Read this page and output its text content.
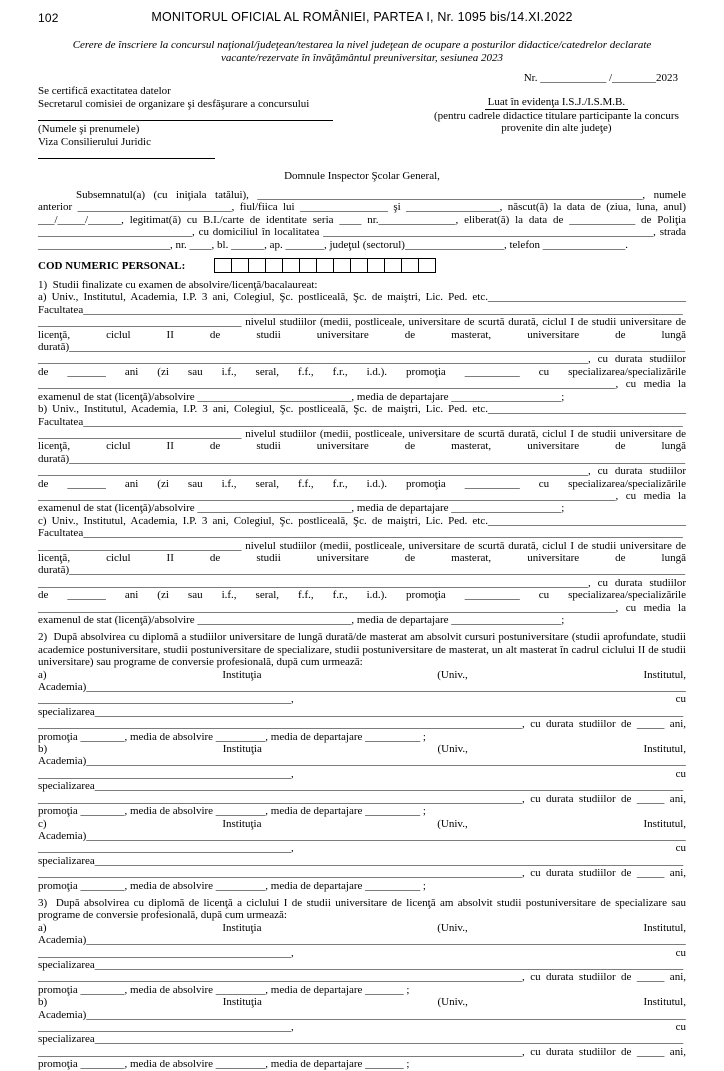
102	MONITORUL OFICIAL AL ROMÂNIEI, PARTEA I, Nr. 1095 bis/14.XI.2022
Cerere de înscriere la concursul naţional/judeţean/testarea la nivel judeţean de ocupare a posturilor didactice/catedrelor declarate vacante/rezervate în învăţământul preuniversitar, sesiunea 2023
Nr. ____________ /________2023
Se certifică exactitatea datelor
Secretarul comisiei de organizare şi desfăşurare a concursului
(Numele şi prenumele)
Viza Consilierului Juridic
Luat în evidenţa I.S.J./I.S.M.B.
(pentru cadrele didactice titulare participante la concurs
provenite din alte judeţe)
Domnule Inspector Şcolar General,

Subsemnatul(a) (cu iniţiala tatălui), ______________________________________________________________________, numele anterior ____________________________, fiul/fiica lui ________________ şi _________________, născut(ă) la data de (ziua, luna, anul) ___/_____/______, legitimat(ă) cu B.I./carte de identitate seria ____ nr.______________, eliberat(ă) la data de ____________ de Poliţia ____________________________, cu domiciliul în localitatea ____________________________________________________________, strada ________________________, nr. ____, bl. ______, ap. _______, judeţul (sectorul)__________________, telefon _______________.

COD NUMERIC PERSONAL:
1)  Studii finalizate cu examen de absolvire/licenţă/bacalaureat:

a) Univ., Institutul, Academia, I.P. 3 ani, Colegiul, Şc. postliceală, Şc. de maiştri, Lic. Ped. etc.____________________________________ Facultatea__________________________________________________________________________________________________________________________________________________ nivelul studiilor (medii, postliceale, universitare de scurtă durată, ciclul I de studii universitare de licenţă, ciclul II de studii universitare de masterat, universitare de lungă durată)____________________________________________________________________________________________________________________________________________________________________________________________________________________, cu durata studiilor de _______ ani (zi sau i.f., seral, f.f., f.r., i.d.). promoţia __________ cu specializarea/specializările _________________________________________________________________________________________________________, cu media la examenul de stat (licenţă)/absolvire ____________________________, media de departajare ____________________;

b) Univ., Institutul, Academia, I.P. 3 ani, Colegiul, Şc. postliceală, Şc. de maiştri, Lic. Ped. etc.____________________________________ Facultatea__________________________________________________________________________________________________________________________________________________ nivelul studiilor (medii, postliceale, universitare de scurtă durată, ciclul I de studii universitare de licenţă, ciclul II de studii universitare de masterat, universitare de lungă durată)____________________________________________________________________________________________________________________________________________________________________________________________________________________, cu durata studiilor de _______ ani (zi sau i.f., seral, f.f., f.r., i.d.). promoţia __________ cu specializarea/specializările _________________________________________________________________________________________________________, cu media la examenul de stat (licenţă)/absolvire ____________________________, media de departajare ____________________;

c) Univ., Institutul, Academia, I.P. 3 ani, Colegiul, Şc. postliceală, Şc. de maiştri, Lic. Ped. etc.____________________________________ Facultatea__________________________________________________________________________________________________________________________________________________ nivelul studiilor (medii, postliceale, universitare de scurtă durată, ciclul I de studii universitare de licenţă, ciclul II de studii universitare de masterat, universitare de lungă durată)____________________________________________________________________________________________________________________________________________________________________________________________________________________, cu durata studiilor de _______ ani (zi sau i.f., seral, f.f., f.r., i.d.). promoţia __________ cu specializarea/specializările _________________________________________________________________________________________________________, cu media la examenul de stat (licenţă)/absolvire ____________________________, media de departajare ____________________;

2)  După absolvirea cu diplomă a studiilor universitare de lungă durată/de masterat am absolvit cursuri postuniversitare (studii aprofundate, studii academice postuniversitare, studii postuniversitare de specializare, studii postuniversitare de masterat, un alt masterat în cadrul ciclului II de studii universitare) sau programe de conversie profesională, după cum urmează:

a) Instituţia (Univ., Institutul, Academia)___________________________________________________________________________________________________________________________________________________________, cu specializarea___________________________________________________________________________________________________________________________________________________________________________________________________, cu durata studiilor de _____ ani, promoţia ________, media de absolvire _________, media de departajare __________ ;

b) Instituţia (Univ., Institutul, Academia)___________________________________________________________________________________________________________________________________________________________, cu specializarea___________________________________________________________________________________________________________________________________________________________________________________________________, cu durata studiilor de _____ ani, promoţia ________, media de absolvire _________, media de departajare __________ ;

c) Instituţia (Univ., Institutul, Academia)___________________________________________________________________________________________________________________________________________________________, cu specializarea___________________________________________________________________________________________________________________________________________________________________________________________________, cu durata studiilor de _____ ani, promoţia ________, media de absolvire _________, media de departajare __________ ;

3)  După absolvirea cu diplomă de licenţă a ciclului I de studii universitare de licenţă am absolvit studii postuniversitare de specializare sau programe de conversie profesională, după cum urmează:

a) Instituţia (Univ., Institutul, Academia)___________________________________________________________________________________________________________________________________________________________, cu specializarea___________________________________________________________________________________________________________________________________________________________________________________________________, cu durata studiilor de _____ ani, promoţia ________, media de absolvire _________, media de departajare _______ ;

b) Instituţia (Univ., Institutul, Academia)___________________________________________________________________________________________________________________________________________________________, cu specializarea___________________________________________________________________________________________________________________________________________________________________________________________________, cu durata studiilor de _____ ani, promoţia ________, media de absolvire _________, media de departajare _______ ;
